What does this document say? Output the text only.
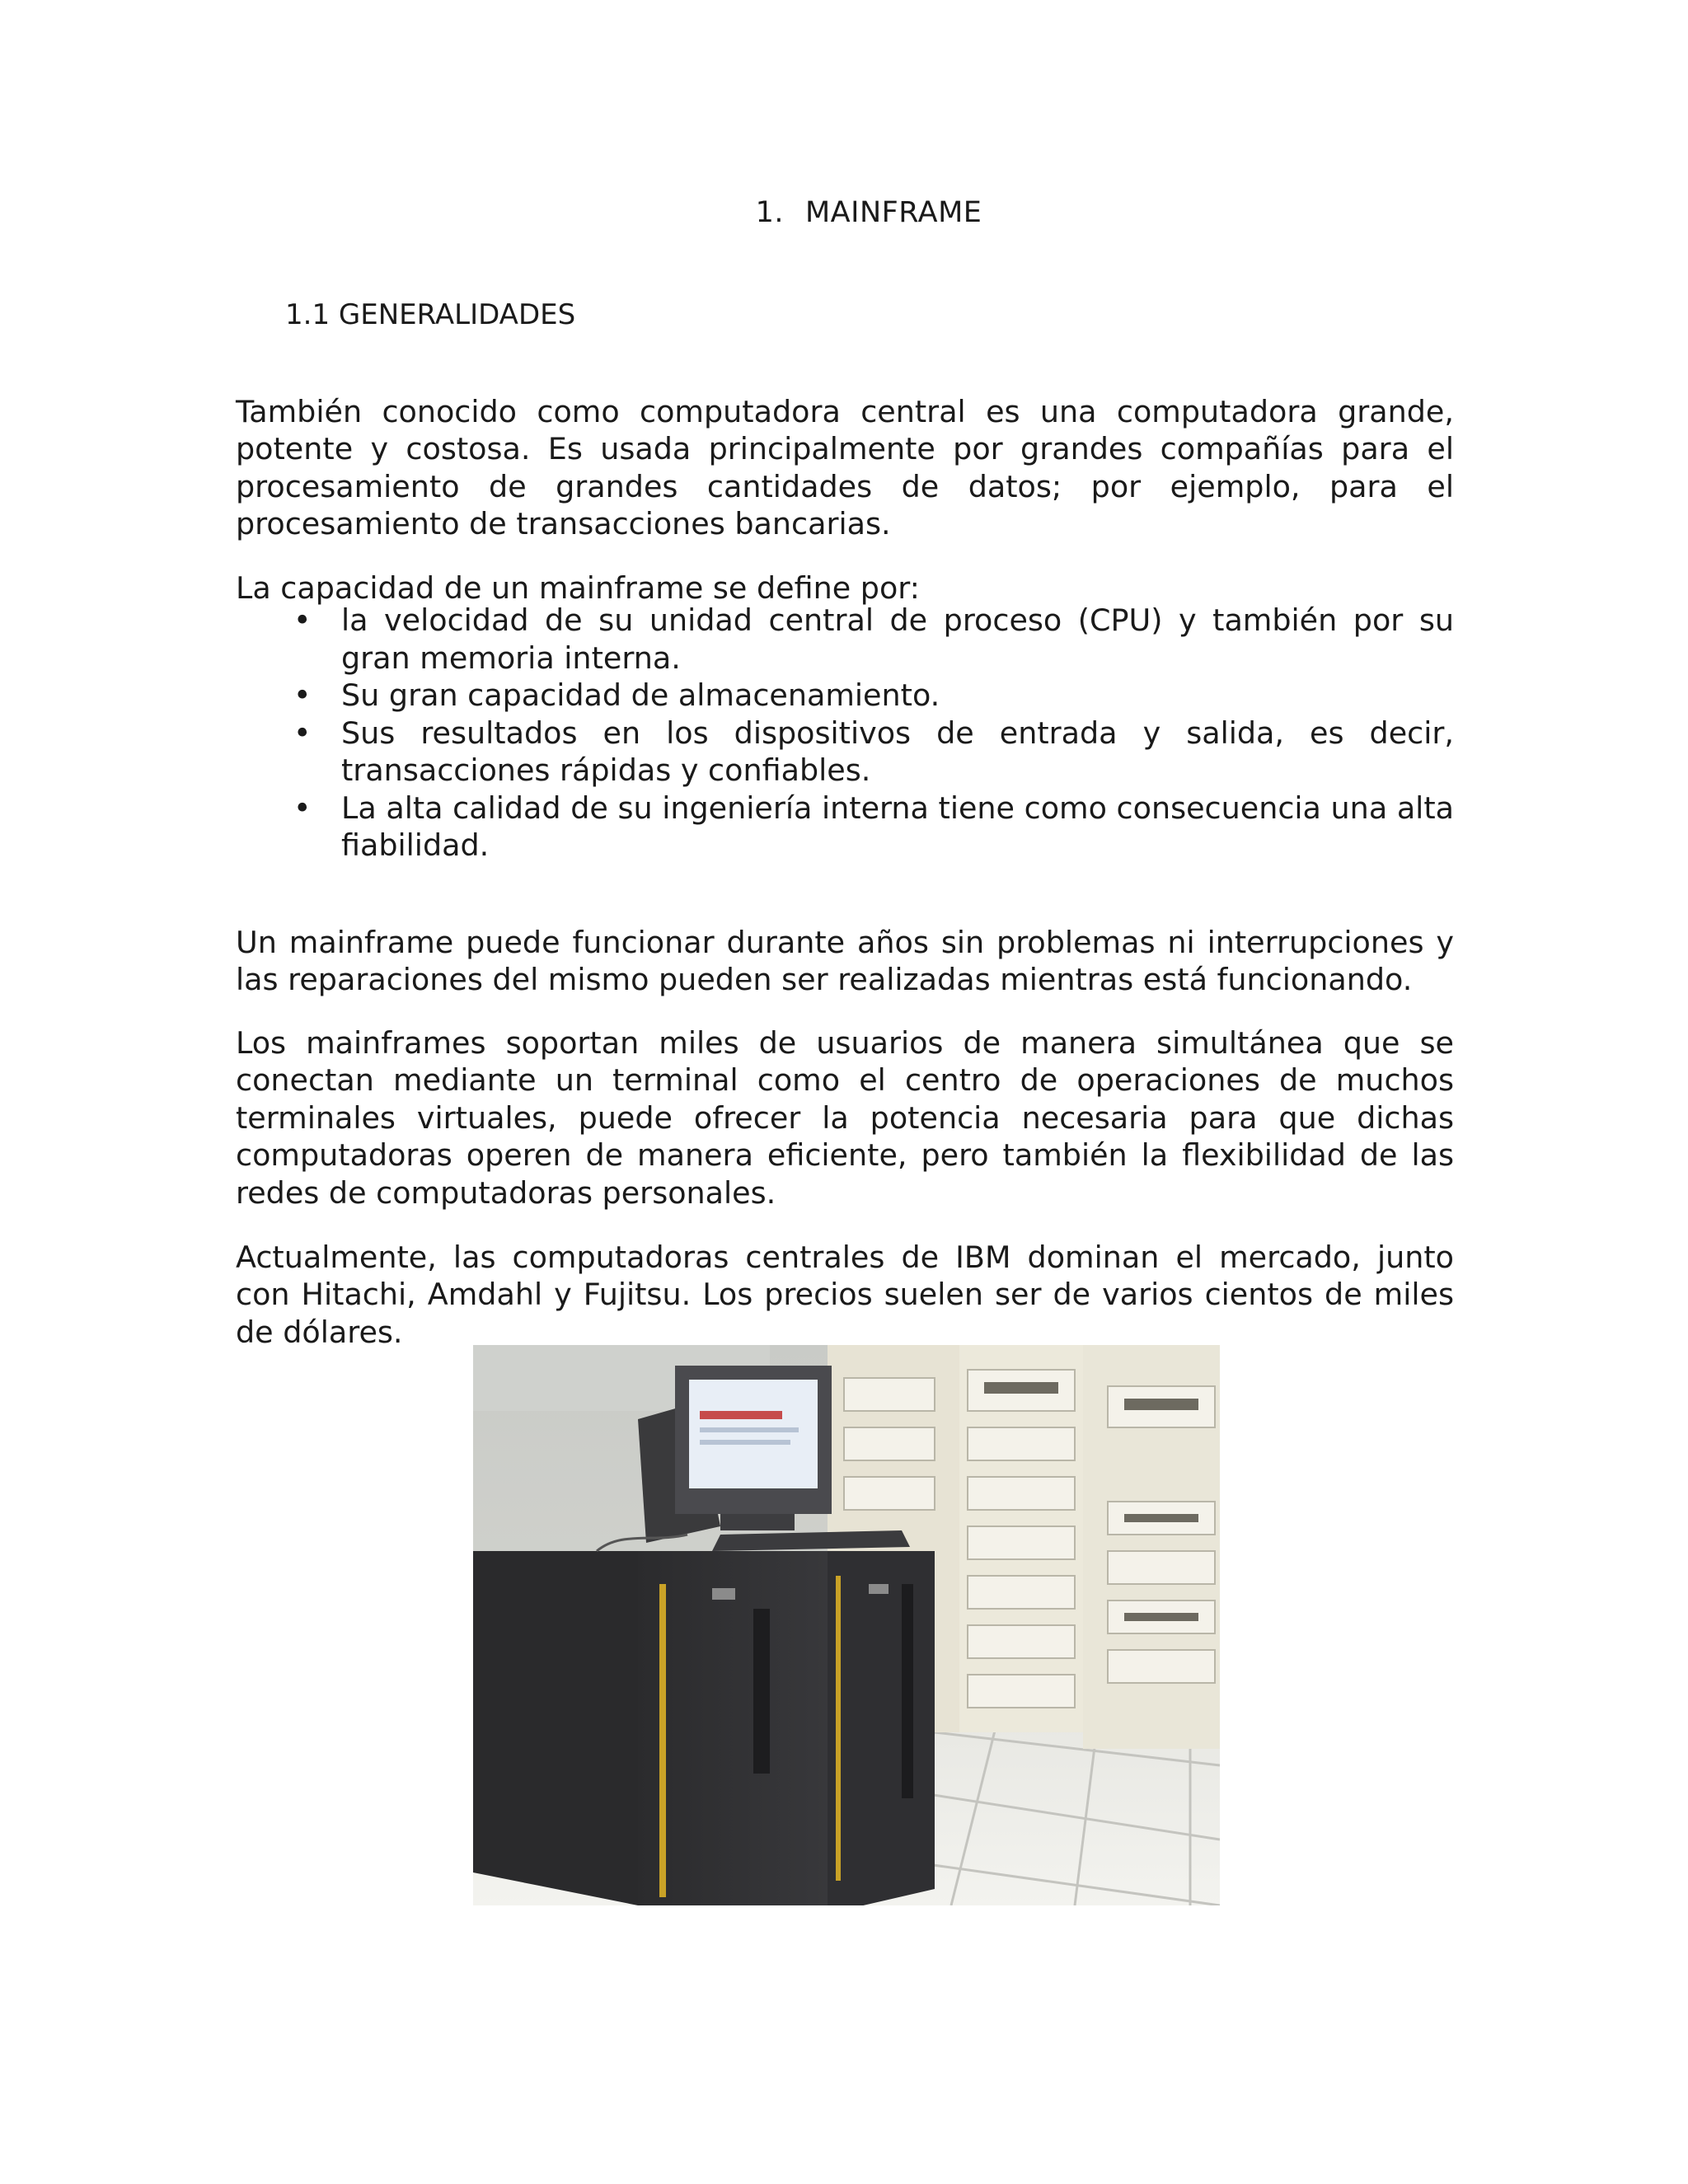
1. MAINFRAME
1.1 GENERALIDADES

También conocido como computadora central es una computadora grande, potente y costosa. Es usada principalmente por grandes compañías para el procesamiento de grandes cantidades de datos; por ejemplo, para el procesamiento de transacciones bancarias.

La capacidad de un mainframe se define por:

• la velocidad de su unidad central de proceso (CPU) y también por su gran memoria interna.
• Su gran capacidad de almacenamiento.
• Sus resultados en los dispositivos de entrada y salida, es decir, transacciones rápidas y confiables.
• La alta calidad de su ingeniería interna tiene como consecuencia una alta fiabilidad.

Un mainframe puede funcionar durante años sin problemas ni interrupciones y las reparaciones del mismo pueden ser realizadas mientras está funcionando.

Los mainframes soportan miles de usuarios de manera simultánea que se conectan mediante un terminal como el centro de operaciones de muchos terminales virtuales, puede ofrecer la potencia necesaria para que dichas computadoras operen de manera eficiente, pero también la flexibilidad de las redes de computadoras personales.

Actualmente, las computadoras centrales de IBM dominan el mercado, junto con Hitachi, Amdahl y Fujitsu. Los precios suelen ser de varios cientos de miles de dólares.
